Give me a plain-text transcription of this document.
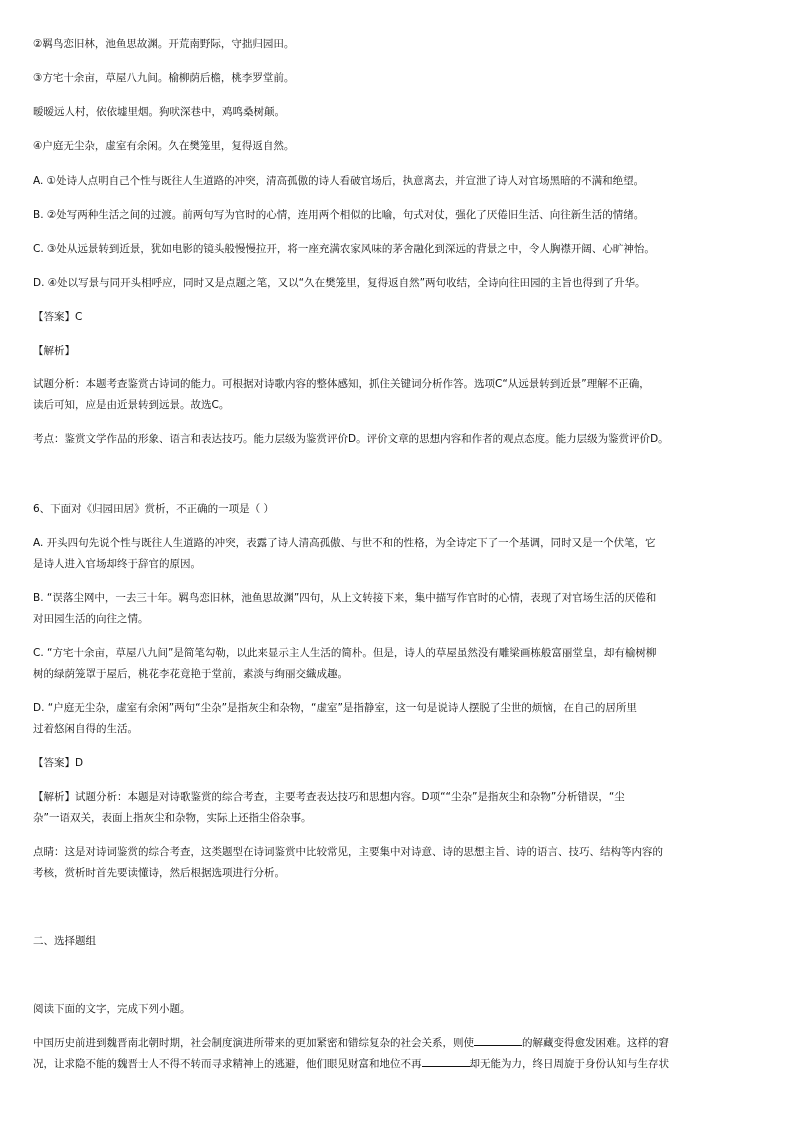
②羁鸟恋旧林，池鱼思故渊。开荒南野际，守拙归园田。
③方宅十余亩，草屋八九间。榆柳荫后檐，桃李罗堂前。
暧暧远人村，依依墟里烟。狗吠深巷中，鸡鸣桑树颠。
④户庭无尘杂，虚室有余闲。久在樊笼里，复得返自然。
A. ①处诗人点明自己个性与既往人生道路的冲突，清高孤傲的诗人看破官场后，执意离去，并宣泄了诗人对官场黑暗的不满和绝望。
B. ②处写两种生活之间的过渡。前两句写为官时的心情，连用两个相似的比喻，句式对仗，强化了厌倦旧生活、向往新生活的情绪。
C. ③处从远景转到近景，犹如电影的镜头般慢慢拉开，将一座充满农家风味的茅舍融化到深远的背景之中，令人胸襟开阔、心旷神怡。
D. ④处以写景与同开头相呼应，同时又是点题之笔，又以“久在樊笼里，复得返自然”两句收结，全诗向往田园的主旨也得到了升华。
【答案】C
【解析】
试题分析：本题考查鉴赏古诗词的能力。可根据对诗歌内容的整体感知，抓住关键词分析作答。选项C“从远景转到近景”理解不正确，
读后可知，应是由近景转到远景。故选C。
考点：鉴赏文学作品的形象、语言和表达技巧。能力层级为鉴赏评价D。评价文章的思想内容和作者的观点态度。能力层级为鉴赏评价D。
6、下面对《归园田居》赏析，不正确的一项是（ ）
A. 开头四句先说个性与既往人生道路的冲突，表露了诗人清高孤傲、与世不和的性格，为全诗定下了一个基调，同时又是一个伏笔，它
是诗人进入官场却终于辞官的原因。
B. “误落尘网中，一去三十年。羁鸟恋旧林，池鱼思故渊”四句，从上文转接下来，集中描写作官时的心情，表现了对官场生活的厌倦和
对田园生活的向往之情。
C. “方宅十余亩，草屋八九间”是简笔勾勒，以此来显示主人生活的简朴。但是，诗人的草屋虽然没有雕梁画栋般富丽堂皇，却有榆树柳
树的绿荫笼罩于屋后，桃花李花竟艳于堂前，素淡与绚丽交織成趣。
D. “户庭无尘杂，虚室有余闲”两句“尘杂”是指灰尘和杂物，“虚室”是指静室，这一句是说诗人摆脱了尘世的烦恼，在自己的居所里
过着悠闲自得的生活。
【答案】D
【解析】试题分析：本题是对诗歌鉴赏的综合考查，主要考查表达技巧和思想内容。D项““尘杂”是指灰尘和杂物”分析错误，“尘
杂”一语双关，表面上指灰尘和杂物，实际上还指尘俗杂事。
点睛：这是对诗词鉴赏的综合考查，这类题型在诗词鉴赏中比较常见，主要集中对诗意、诗的思想主旨、诗的语言、技巧、结构等内容的
考核，赏析时首先要读懂诗，然后根据选项进行分析。
二、选择题组
阅读下面的文字，完成下列小题。
中国历史前进到魏晋南北朝时期，社会制度演进所带来的更加紧密和错综复杂的社会关系，则使	的解藏变得愈发困难。这样的窘
况，让求隐不能的魏晋士人不得不转而寻求精神上的逃避，他们眼见财富和地位不再	却无能为力，终日周旋于身份认知与生存状
